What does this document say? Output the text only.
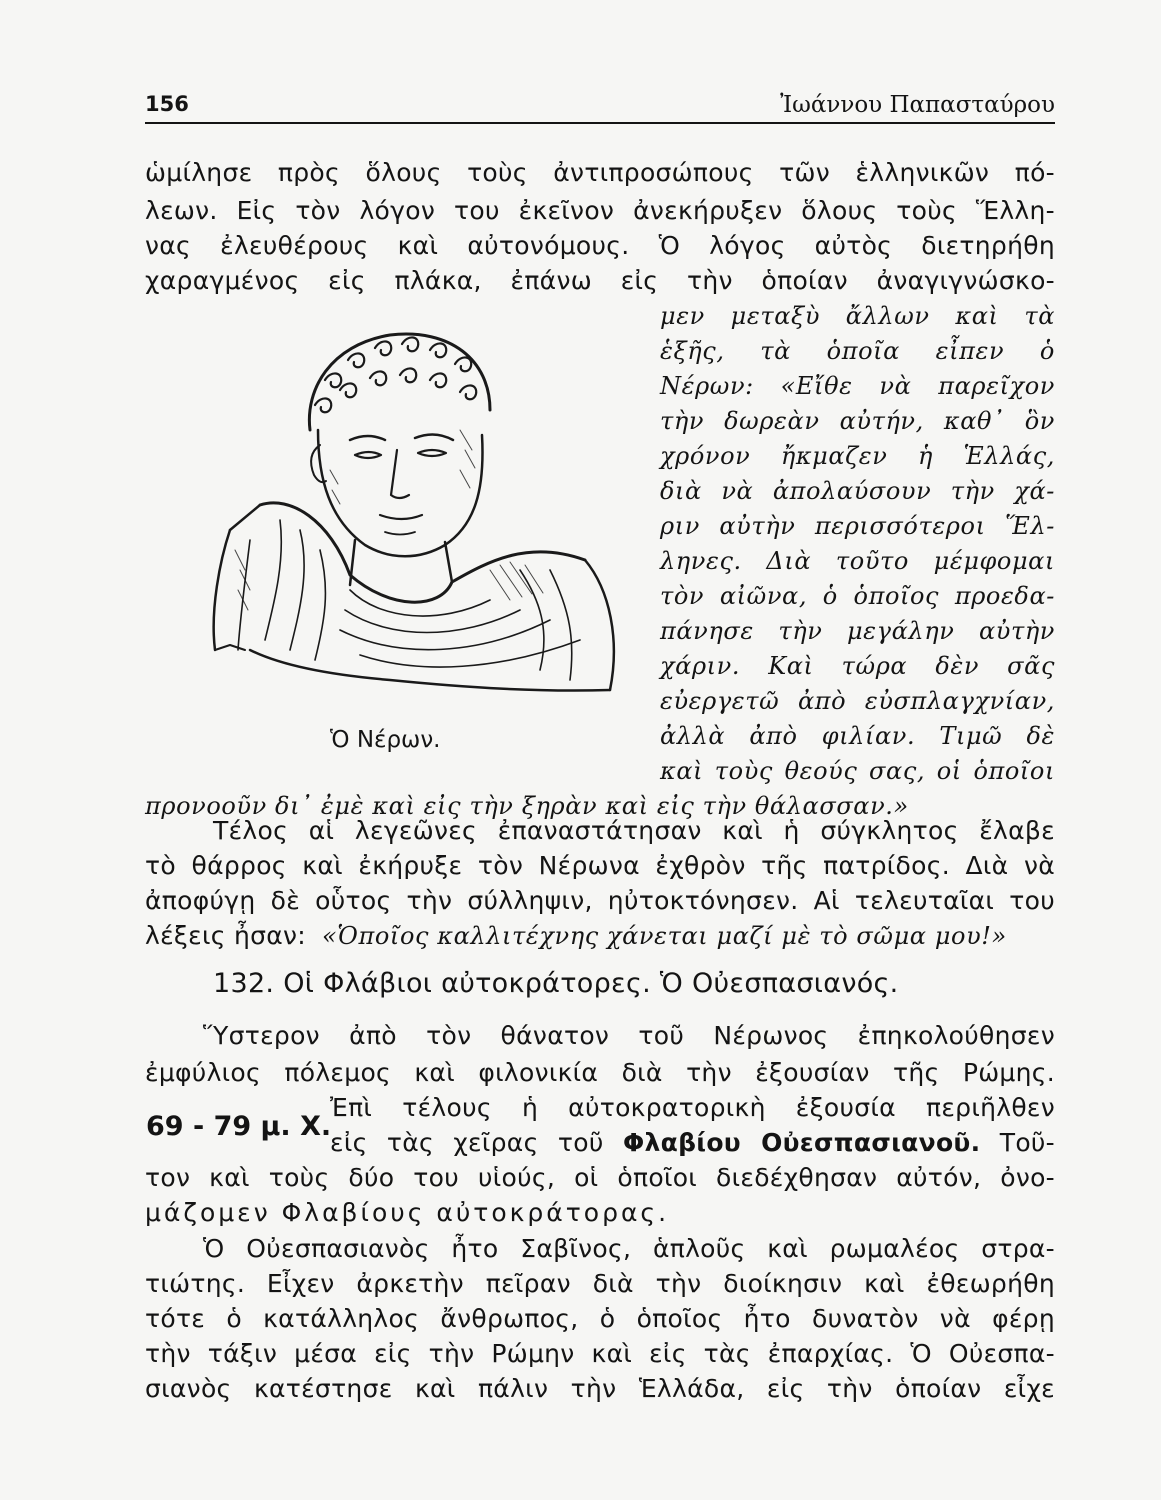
156	Ἰωάννου Παπασταύρου
ὡμίλησε πρὸς ὅλους τοὺς ἀντιπροσώπους τῶν ἑλληνικῶν πό-
λεων. Εἰς τὸν λόγον του ἐκεῖνον ἀνεκήρυξεν ὅλους τοὺς Ἕλλη-
νας ἐλευθέρους καὶ αὐτονόμους. Ὁ λόγος αὐτὸς διετηρήθη
χαραγμένος εἰς πλάκα, ἐπάνω εἰς τὴν ὁποίαν ἀναγιγνώσκο-
Ὁ Νέρων.
μεν μεταξὺ ἄλλων καὶ τὰ
ἑξῆς, τὰ ὁποῖα εἶπεν ὁ
Νέρων: «Εἴθε νὰ παρεῖχον
τὴν δωρεὰν αὐτήν, καθ᾽ ὃν
χρόνον ἤκμαζεν ἡ Ἑλλάς,
διὰ νὰ ἀπολαύσουν τὴν χά-
ριν αὐτὴν περισσότεροι Ἕλ-
ληνες. Διὰ τοῦτο μέμφομαι
τὸν αἰῶνα, ὁ ὁποῖος προεδα-
πάνησε τὴν μεγάλην αὐτὴν
χάριν. Καὶ τώρα δὲν σᾶς
εὐεργετῶ ἀπὸ εὐσπλαγχνίαν,
ἀλλὰ ἀπὸ φιλίαν. Τιμῶ δὲ
καὶ τοὺς θεούς σας, οἱ ὁποῖοι
προνοοῦν δι᾽ ἐμὲ καὶ εἰς τὴν ξηρὰν καὶ εἰς τὴν θάλασσαν.»
Τέλος αἱ λεγεῶνες ἐπαναστάτησαν καὶ ἡ σύγκλητος ἔλαβε
τὸ θάρρος καὶ ἐκήρυξε τὸν Νέρωνα ἐχθρὸν τῆς πατρίδος. Διὰ νὰ
ἀποφύγῃ δὲ οὗτος τὴν σύλληψιν, ηὐτοκτόνησεν. Αἱ τελευταῖαι του
λέξεις ἦσαν: «Ὁποῖος καλλιτέχνης χάνεται μαζί μὲ τὸ σῶμα μου!»
132. Οἱ Φλάβιοι αὐτοκράτορες. Ὁ Οὐεσπασιανός.
Ὕστερον ἀπὸ τὸν θάνατον τοῦ Νέρωνος ἐπηκολούθησεν
ἐμφύλιος πόλεμος καὶ φιλονικία διὰ τὴν ἐξουσίαν τῆς Ρώμης.
Ἐπὶ τέλους ἡ αὐτοκρατορικὴ ἐξουσία περιῆλθεν
69 - 79 μ. Χ.
εἰς τὰς χεῖρας τοῦ Φλαβίου Οὐεσπασιανοῦ. Τοῦ-
τον καὶ τοὺς δύο του υἱούς, οἱ ὁποῖοι διεδέχθησαν αὐτόν, ὀνο-
μάζομεν Φλαβίους αὐτοκράτορας.
Ὁ Οὐεσπασιανὸς ἦτο Σαβῖνος, ἁπλοῦς καὶ ρωμαλέος στρα-
τιώτης. Εἶχεν ἀρκετὴν πεῖραν διὰ τὴν διοίκησιν καὶ ἐθεωρήθη
τότε ὁ κατάλληλος ἄνθρωπος, ὁ ὁποῖος ἦτο δυνατὸν νὰ φέρῃ
τὴν τάξιν μέσα εἰς τὴν Ρώμην καὶ εἰς τὰς ἐπαρχίας. Ὁ Οὐεσπα-
σιανὸς κατέστησε καὶ πάλιν τὴν Ἑλλάδα, εἰς τὴν ὁποίαν εἶχε
